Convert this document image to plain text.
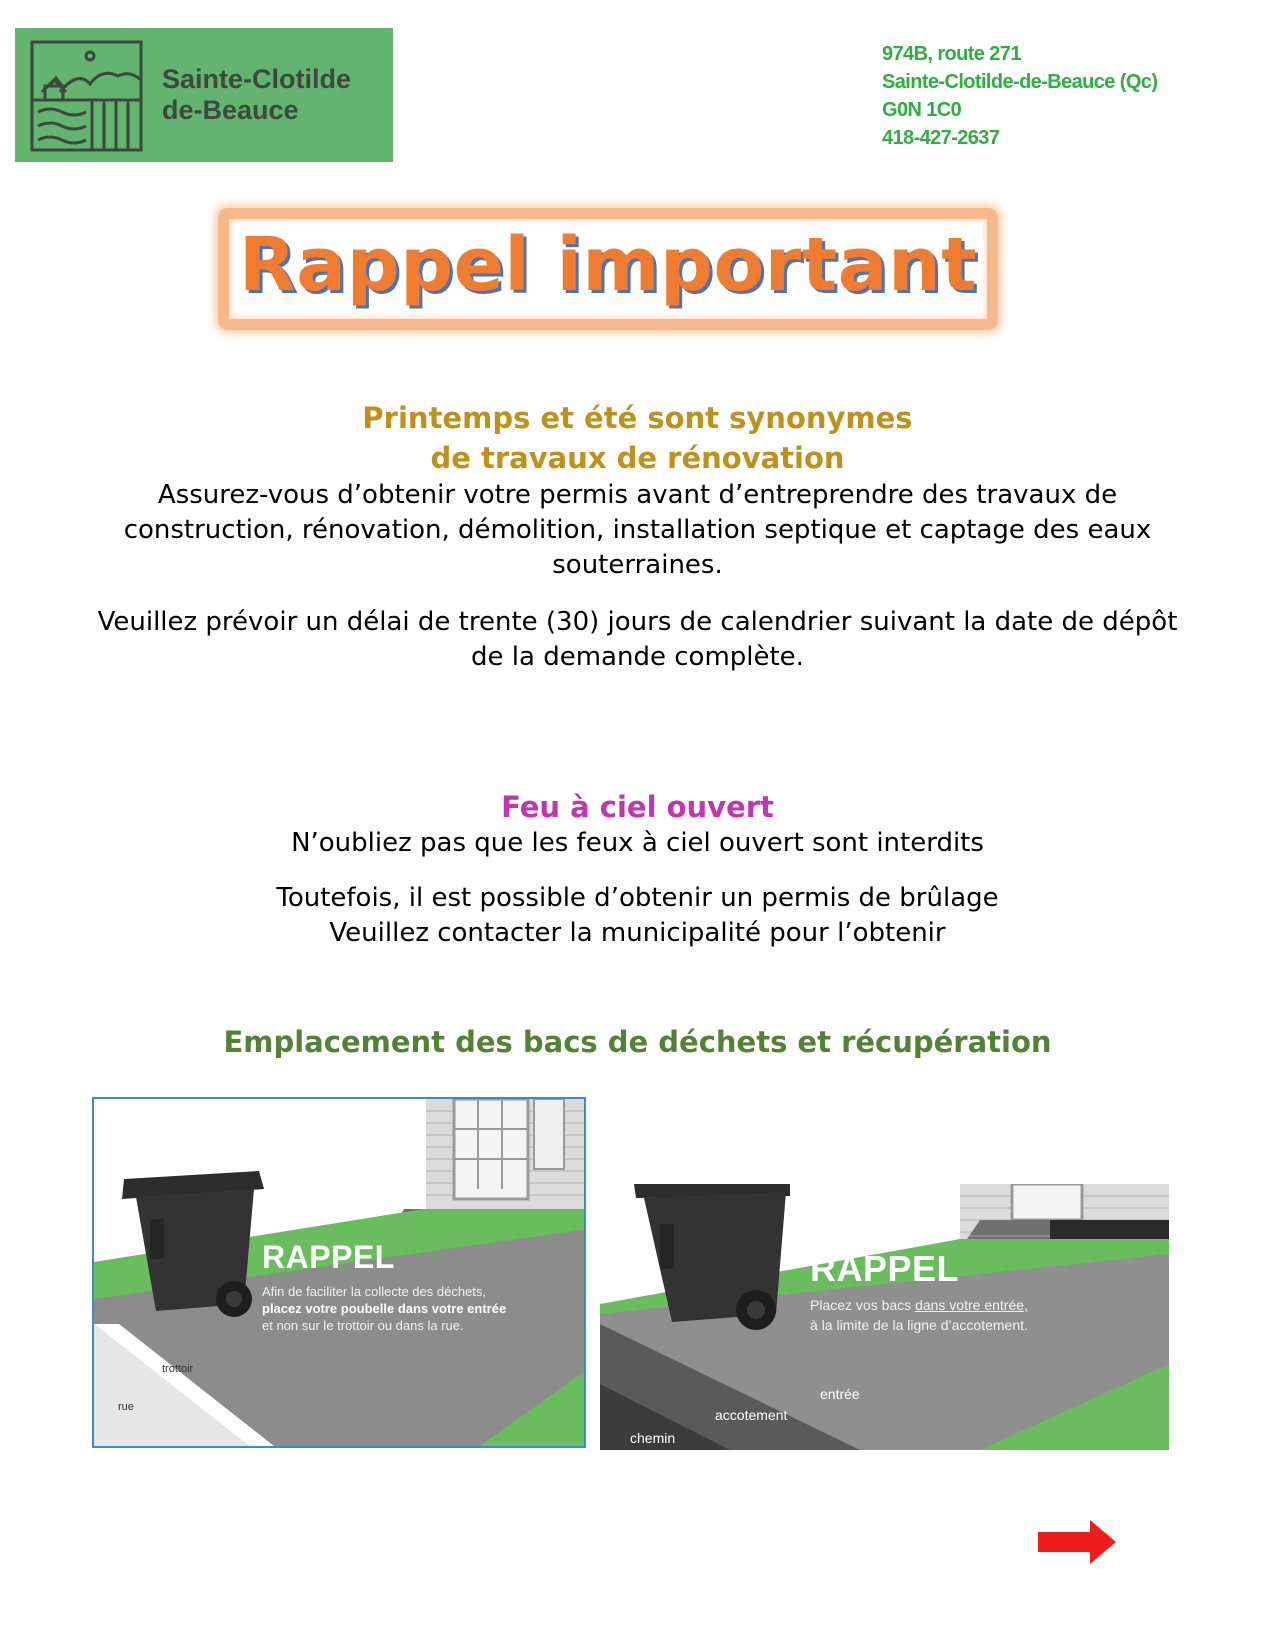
Sainte-Clotilde
de-Beauce
974B, route 271
Sainte-Clotilde-de-Beauce (Qc)
G0N 1C0
418-427-2637
Rappel important
Printemps et été sont synonymes
de travaux de rénovation
Assurez-vous d’obtenir votre permis avant d’entreprendre des travaux de
construction, rénovation, démolition, installation septique et captage des eaux
souterraines.
Veuillez prévoir un délai de trente (30) jours de calendrier suivant la date de dépôt
de la demande complète.
Feu à ciel ouvert
N’oubliez pas que les feux à ciel ouvert sont interdits
Toutefois, il est possible d’obtenir un permis de brûlage
Veuillez contacter la municipalité pour l’obtenir
Emplacement des bacs de déchets et récupération
RAPPEL
Afin de faciliter la collecte des déchets,
placez votre poubelle dans votre entrée
et non sur le trottoir ou dans la rue.
trottoir
rue
RAPPEL
Placez vos bacs dans votre entrée,
à la limite de la ligne d’accotement.
entrée
accotement
chemin
